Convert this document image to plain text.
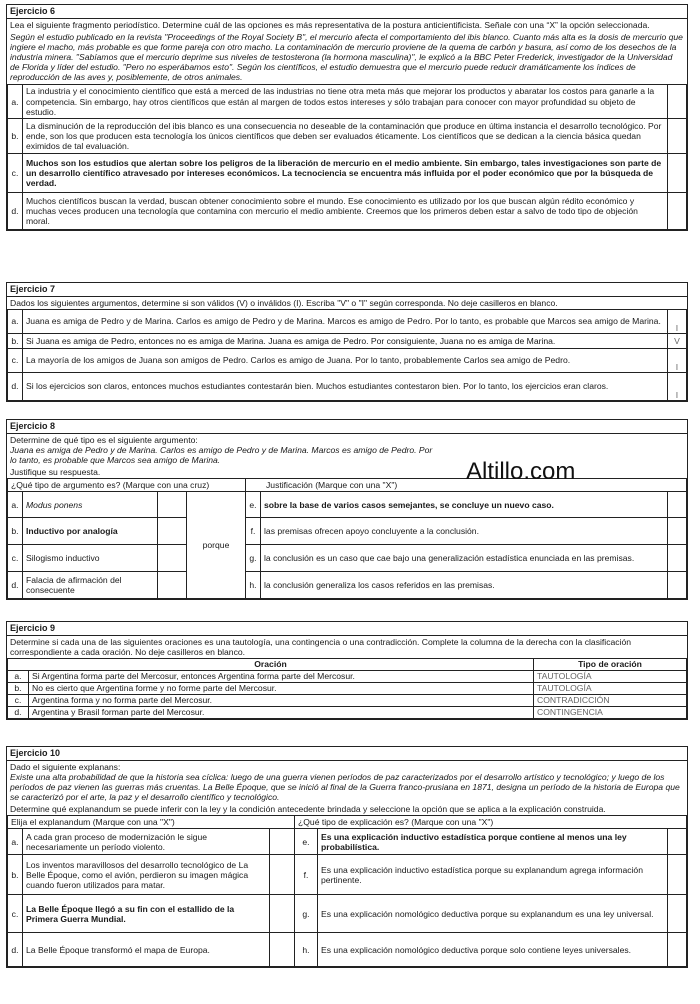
Ejercicio 6
Lea el siguiente fragmento periodístico. Determine cuál de las opciones es más representativa de la postura anticientificista. Señale con una “X” la opción seleccionada.
Según el estudio publicado en la revista "Proceedings of the Royal Society B", el mercurio afecta el comportamiento del ibis blanco. Cuanto más alta es la dosis de mercurio que ingiere el macho, más probable es que forme pareja con otro macho. La contaminación de mercurio proviene de la quema de carbón y basura, así como de los desechos de la industria minera. "Sabíamos que el mercurio deprime sus niveles de testosterona (la hormona masculina)", le explicó a la BBC Peter Frederick, investigador de la Universidad de Florida y líder del estudio. "Pero no esperábamos esto". Según los científicos, el estudio demuestra que el mercurio puede reducir dramáticamente los índices de reproducción de las aves y, posiblemente, de otros animales.
a.	La industria y el conocimiento científico que está a merced de las industrias no tiene otra meta más que mejorar los productos y abaratar los costos para ganarle a la competencia. Sin embargo, hay otros científicos que están al margen de todos estos intereses y sólo trabajan para conocer con mayor profundidad su objeto de estudio.	
b.	La disminución de la reproducción del ibis blanco es una consecuencia no deseable de la contaminación que produce en última instancia el desarrollo tecnológico. Por ende, son los que producen esta tecnología los únicos científicos que deben ser evaluados éticamente. Los científicos que se dedican a la ciencia básica quedan eximidos de tal evaluación.	
c.	Muchos son los estudios que alertan sobre los peligros de la liberación de mercurio en el medio ambiente. Sin embargo, tales investigaciones son parte de un desarrollo científico atravesado por intereses económicos. La tecnociencia se encuentra más influida por el poder económico que por la búsqueda de verdad.	
d.	Muchos científicos buscan la verdad, buscan obtener conocimiento sobre el mundo. Ese conocimiento es utilizado por los que buscan algún rédito económico y muchas veces producen una tecnología que contamina con mercurio el medio ambiente. Creemos que los primeros deben estar a salvo de todo tipo de objeción moral.	
Ejercicio 7
Dados los siguientes argumentos, determine si son válidos (V) o inválidos (I). Escriba "V" o "I" según corresponda. No deje casilleros en blanco.
a.	Juana es amiga de Pedro y de Marina. Carlos es amigo de Pedro y de Marina. Marcos es amigo de Pedro. Por lo tanto, es probable que Marcos sea amigo de Marina.	I
b.	Si Juana es amiga de Pedro, entonces no es amiga de Marina. Juana es amiga de Pedro. Por consiguiente, Juana no es amiga de Marina.	V
c.	La mayoría de los amigos de Juana son amigos de Pedro. Carlos es amigo de Juana. Por lo tanto, probablemente Carlos sea amigo de Pedro.	I
d.	Si los ejercicios son claros, entonces muchos estudiantes contestarán bien. Muchos estudiantes contestaron bien. Por lo tanto, los ejercicios eran claros.	I
Ejercicio 8
Determine de qué tipo es el siguiente argumento:
Juana es amiga de Pedro y de Marina. Carlos es amigo de Pedro y de Marina. Marcos es amigo de Pedro. Por lo tanto, es probable que Marcos sea amigo de Marina.
Justifique su respuesta.
¿Qué tipo de argumento es? (Marque con una cruz)				Justificación (Marque con una "X")		
a.	Modus ponens		porque	e.	sobre la base de varios casos semejantes, se concluye un nuevo caso.	
b.	Inductivo por analogía			f.	las premisas ofrecen apoyo concluyente a la conclusión.	
c.	Silogismo inductivo			g.	la conclusión es un caso que cae bajo una generalización estadística enunciada en las premisas.	
d.	Falacia de afirmación del consecuente			h.	la conclusión generaliza los casos referidos en las premisas.	
Altillo.com
Ejercicio 9
Determine si cada una de las siguientes oraciones es una tautología, una contingencia o una contradicción. Complete la columna de la derecha con la clasificación correspondiente a cada oración. No deje casilleros en blanco.
Oración		Tipo de oración
a.	Si Argentina forma parte del Mercosur, entonces Argentina forma parte del Mercosur.	TAUTOLOGÍA
b.	No es cierto que Argentina forme y no forme parte del Mercosur.	TAUTOLOGÍA
c.	Argentina forma y no forma parte del Mercosur.	CONTRADICCIÓN
d.	Argentina y Brasil forman parte del Mercosur.	CONTINGENCIA
Ejercicio 10
Dado el siguiente explanans:
Existe una alta probabilidad de que la historia sea cíclica: luego de una guerra vienen períodos de paz caracterizados por el desarrollo artístico y tecnológico; y luego de los períodos de paz vienen las guerras más cruentas. La Belle Époque, que se inició al final de la Guerra franco-prusiana en 1871, designa un período de la historia de Europa que se caracterizó por el arte, la paz y el desarrollo científico y tecnológico.
Determine qué explanandum se puede inferir con la ley y la condición antecedente brindada y seleccione la opción que se aplica a la explicación construida.
Elija el explanandum (Marque con una "X")			¿Qué tipo de explicación es? (Marque con una "X")		
a.	A cada gran proceso de modernización le sigue necesariamente un período violento.		e.	Es una explicación inductivo estadística porque contiene al menos una ley probabilística.	
b.	Los inventos maravillosos del desarrollo tecnológico de La Belle Époque, como el avión, perdieron su imagen mágica cuando fueron utilizados para matar.		f.	Es una explicación inductivo estadística porque su explanandum agrega información pertinente.	
c.	La Belle Époque llegó a su fin con el estallido de la Primera Guerra Mundial.		g.	Es una explicación nomológico deductiva porque su explanandum es una ley universal.	
d.	La Belle Époque transformó el mapa de Europa.		h.	Es una explicación nomológico deductiva porque solo contiene leyes universales.	
